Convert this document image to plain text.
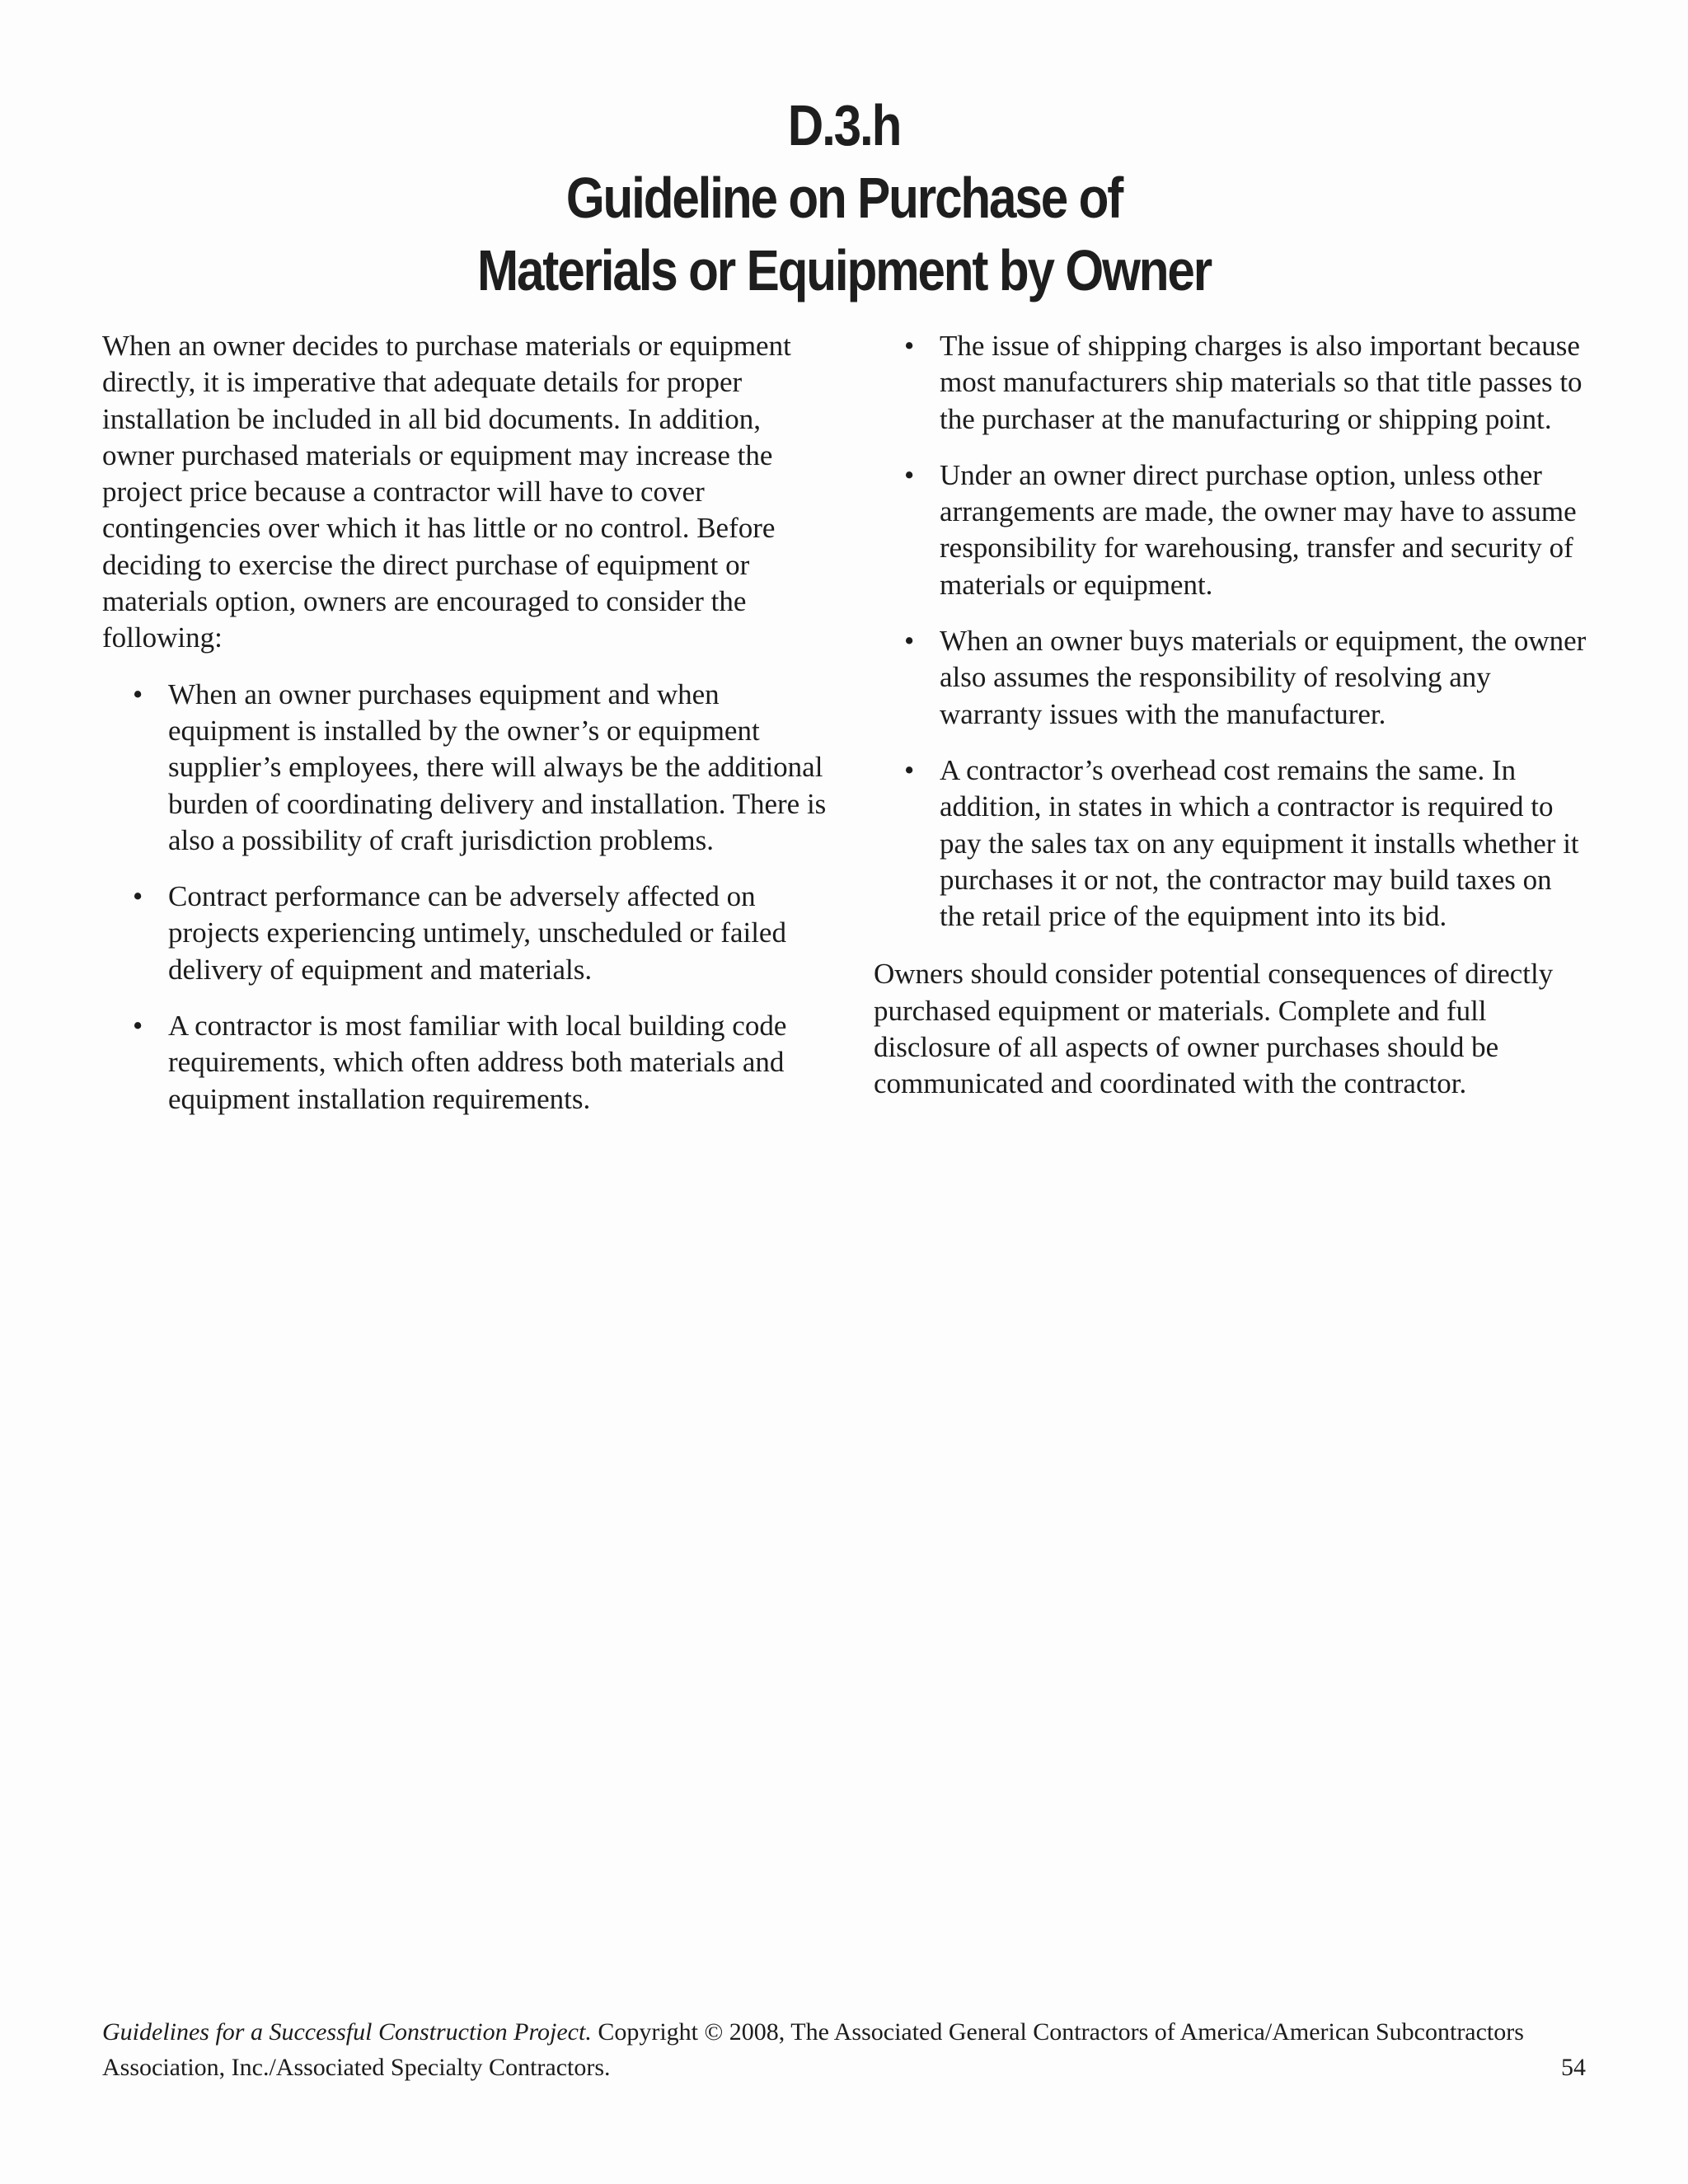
D.3.h
Guideline on Purchase of
Materials or Equipment by Owner

When an owner decides to purchase materials or equipment directly, it is imperative that adequate details for proper installation be included in all bid documents. In addition, owner purchased materials or equipment may increase the project price because a contractor will have to cover contingencies over which it has little or no control. Before deciding to exercise the direct purchase of equipment or materials option, owners are encouraged to consider the following:

• When an owner purchases equipment and when equipment is installed by the owner’s or equipment supplier’s employees, there will always be the additional burden of coordinating delivery and installation. There is also a possibility of craft jurisdiction problems.
• Contract performance can be adversely affected on projects experiencing untimely, unscheduled or failed delivery of equipment and materials.
• A contractor is most familiar with local building code requirements, which often address both materials and equipment installation requirements.
• The issue of shipping charges is also important because most manufacturers ship materials so that title passes to the purchaser at the manufacturing or shipping point.
• Under an owner direct purchase option, unless other arrangements are made, the owner may have to assume responsibility for warehousing, transfer and security of materials or equipment.
• When an owner buys materials or equipment, the owner also assumes the responsibility of resolving any warranty issues with the manufacturer.
• A contractor’s overhead cost remains the same. In addition, in states in which a contractor is required to pay the sales tax on any equipment it installs whether it purchases it or not, the contractor may build taxes on the retail price of the equipment into its bid.

Owners should consider potential consequences of directly purchased equipment or materials. Complete and full disclosure of all aspects of owner purchases should be communicated and coordinated with the contractor.

Guidelines for a Successful Construction Project. Copyright © 2008, The Associated General Contractors of America/American Subcontractors Association, Inc./Associated Specialty Contractors.	54
